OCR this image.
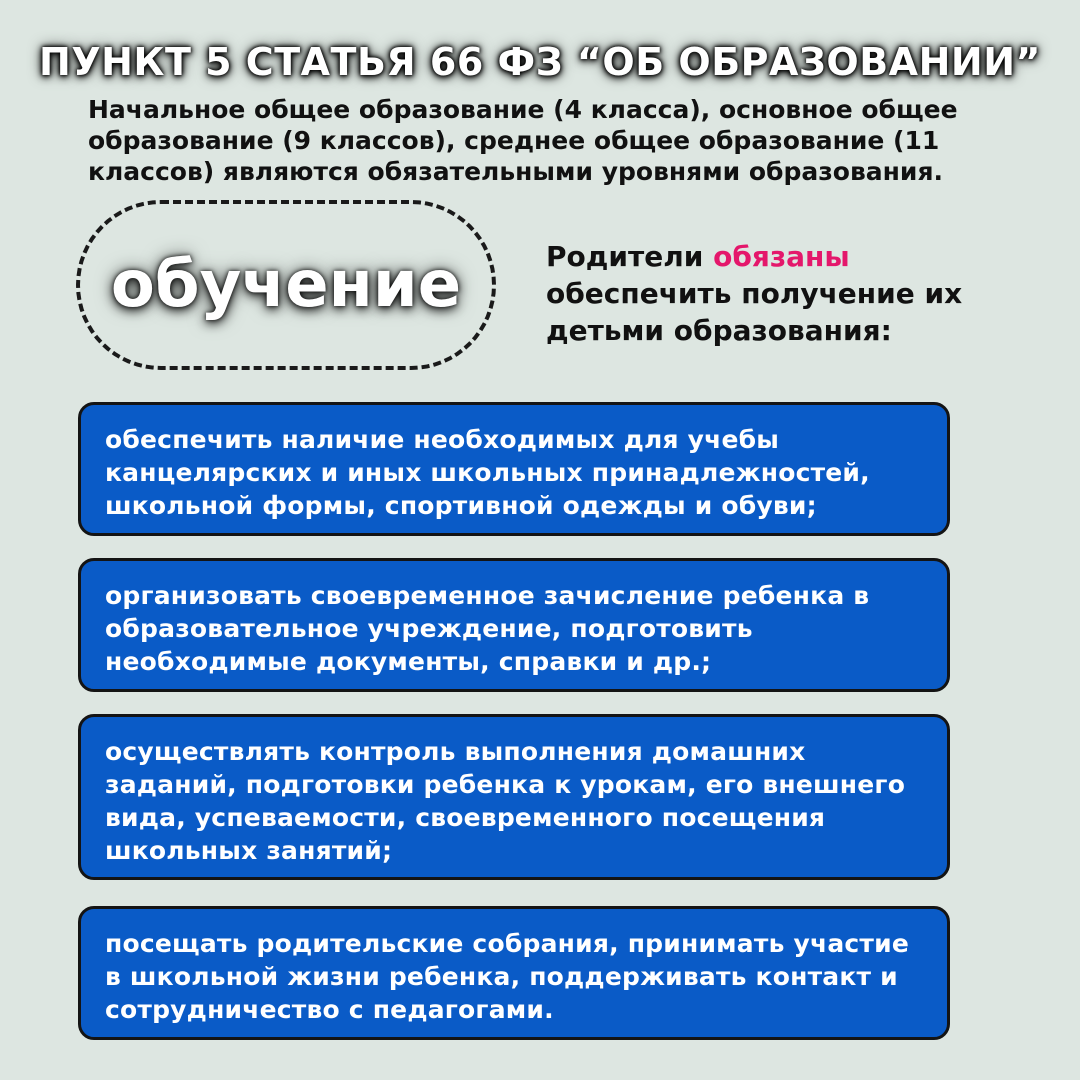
ПУНКТ 5 СТАТЬЯ 66 ФЗ “ОБ ОБРАЗОВАНИИ”
Начальное общее образование (4 класса), основное общее образование (9 классов), среднее общее образование (11 классов) являются обязательными уровнями образования.
обучение	Родители обязаны обеспечить получение их детьми образования:
обеспечить наличие необходимых для учебы канцелярских и иных школьных принадлежностей, школьной формы, спортивной одежды и обуви;
организовать своевременное зачисление ребенка в образовательное учреждение, подготовить необходимые документы, справки и др.;
осуществлять контроль выполнения домашних заданий, подготовки ребенка к урокам, его внешнего вида, успеваемости, своевременного посещения школьных занятий;
посещать родительские собрания, принимать участие в школьной жизни ребенка, поддерживать контакт и сотрудничество с педагогами.
